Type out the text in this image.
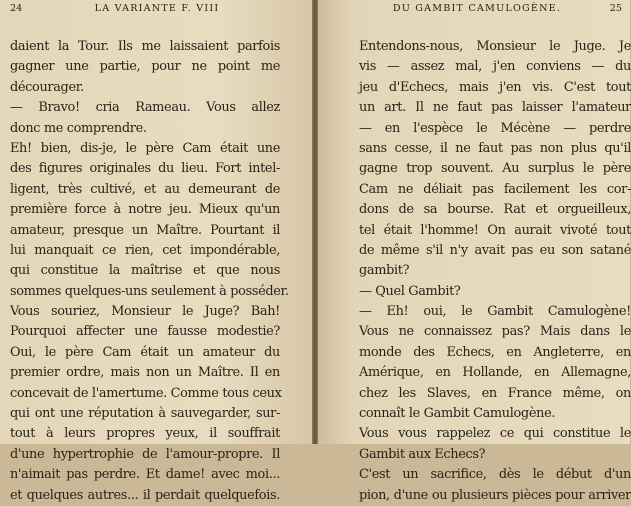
24	LA VARIANTE F. VIII
daient la Tour. Ils me laissaient parfois
gagner une partie, pour ne point me
décourager.
— Bravo! cria Rameau. Vous allez
donc me comprendre.
Eh! bien, dis-je, le père Cam était une
des figures originales du lieu. Fort intel-
ligent, très cultivé, et au demeurant de
première force à notre jeu. Mieux qu'un
amateur, presque un Maître. Pourtant il
lui manquait ce rien, cet impondérable,
qui constitue la maîtrise et que nous
sommes quelques-uns seulement à posséder.
Vous souriez, Monsieur le Juge? Bah!
Pourquoi affecter une fausse modestie?
Oui, le père Cam était un amateur du
premier ordre, mais non un Maître. Il en
concevait de l'amertume. Comme tous ceux
qui ont une réputation à sauvegarder, sur-
tout à leurs propres yeux, il souffrait
d'une hypertrophie de l'amour-propre. Il
n'aimait pas perdre. Et dame! avec moi...
et quelques autres... il perdait quelquefois.
DU GAMBIT CAMULOGÈNE.	25
Entendons-nous, Monsieur le Juge. Je
vis — assez mal, j'en conviens — du
jeu d'Echecs, mais j'en vis. C'est tout
un art. Il ne faut pas laisser l'amateur
— en l'espèce le Mécène — perdre
sans cesse, il ne faut pas non plus qu'il
gagne trop souvent. Au surplus le père
Cam ne déliait pas facilement les cor-
dons de sa bourse. Rat et orgueilleux,
tel était l'homme! On aurait vivoté tout
de même s'il n'y avait pas eu son satané
gambit?
— Quel Gambit?
— Eh! oui, le Gambit Camulogène!
Vous ne connaissez pas? Mais dans le
monde des Echecs, en Angleterre, en
Amérique, en Hollande, en Allemagne,
chez les Slaves, en France même, on
connaît le Gambit Camulogène.
Vous vous rappelez ce qui constitue le
Gambit aux Echecs?
C'est un sacrifice, dès le début d'un
pion, d'une ou plusieurs pièces pour arriver
